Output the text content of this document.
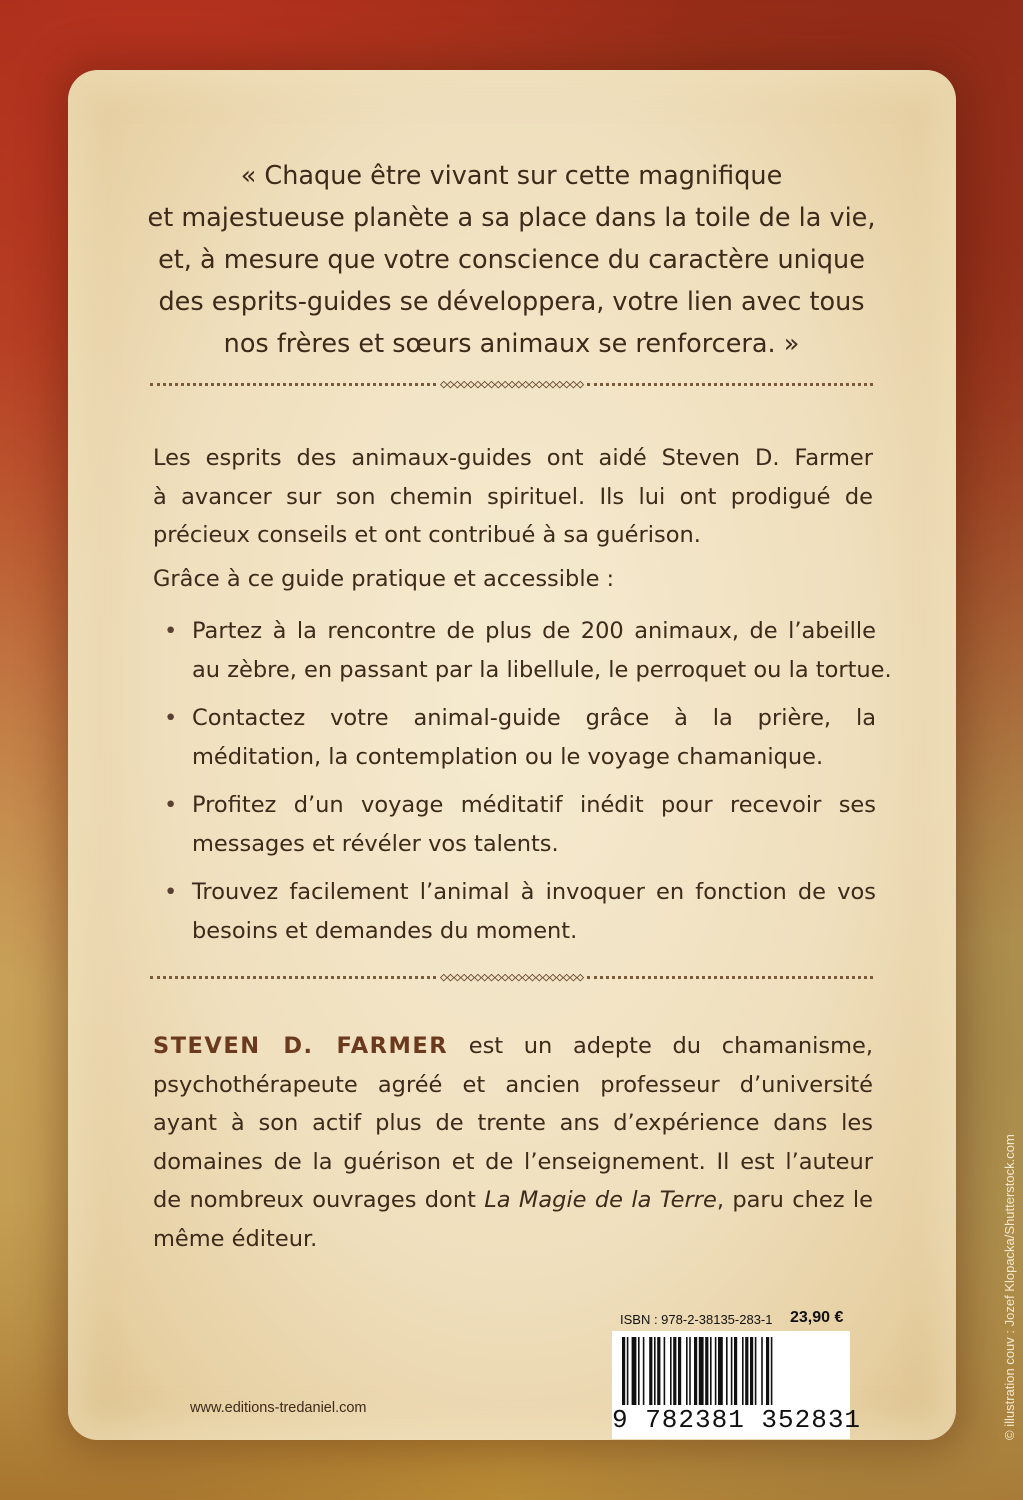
« Chaque être vivant sur cette magnifique
et majestueuse planète a sa place dans la toile de la vie,
et, à mesure que votre conscience du caractère unique
des esprits-guides se développera, votre lien avec tous
nos frères et sœurs animaux se renforcera. »
◇◇◇◇◇◇◇◇◇◇◇◇◇◇◇◇◇◇◇◇◇
Les esprits des animaux-guides ont aidé Steven D. Farmer
à avancer sur son chemin spirituel. Ils lui ont prodigué de
précieux conseils et ont contribué à sa guérison.

Grâce à ce guide pratique et accessible :

• Partez à la rencontre de plus de 200 animaux, de l’abeille
au zèbre, en passant par la libellule, le perroquet ou la tortue.
• Contactez votre animal-guide grâce à la prière, la
méditation, la contemplation ou le voyage chamanique.
• Profitez d’un voyage méditatif inédit pour recevoir ses
messages et révéler vos talents.
• Trouvez facilement l’animal à invoquer en fonction de vos
besoins et demandes du moment.
◇◇◇◇◇◇◇◇◇◇◇◇◇◇◇◇◇◇◇◇◇
STEVEN D. FARMER est un adepte du chamanisme,
psychothérapeute agréé et ancien professeur d’université
ayant à son actif plus de trente ans d’expérience dans les
domaines de la guérison et de l’enseignement. Il est l’auteur
de nombreux ouvrages dont La Magie de la Terre, paru chez le
même éditeur.
ISBN : 978-2-38135-283-1 23,90 €
9 782381 352831
www.editions-tredaniel.com	© illustration couv : Jozef Klopacka/Shutterstock.com
